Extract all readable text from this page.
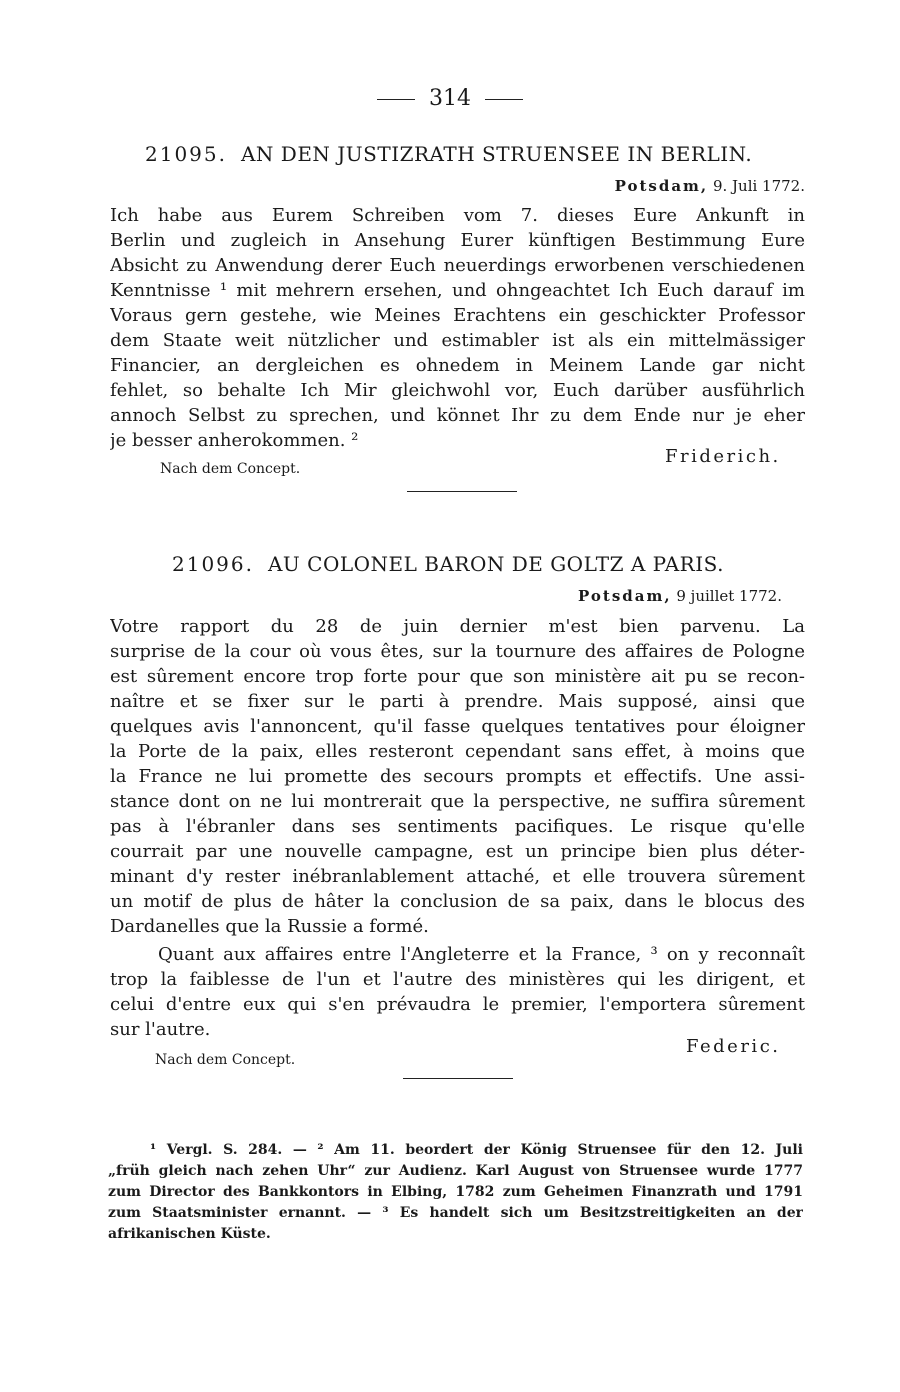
314
21095. AN DEN JUSTIZRATH STRUENSEE IN BERLIN.
Potsdam, 9. Juli 1772.
Ich habe aus Eurem Schreiben vom 7. dieses Eure Ankunft in
Berlin und zugleich in Ansehung Eurer künftigen Bestimmung Eure
Absicht zu Anwendung derer Euch neuerdings erworbenen verschiedenen
Kenntnisse ¹ mit mehrern ersehen, und ohngeachtet Ich Euch darauf im
Voraus gern gestehe, wie Meines Erachtens ein geschickter Professor
dem Staate weit nützlicher und estimabler ist als ein mittelmässiger
Financier, an dergleichen es ohnedem in Meinem Lande gar nicht
fehlet, so behalte Ich Mir gleichwohl vor, Euch darüber ausführlich
annoch Selbst zu sprechen, und könnet Ihr zu dem Ende nur je eher
je besser anherokommen. ²
Friderich.
Nach dem Concept.
21096. AU COLONEL BARON DE GOLTZ A PARIS.
Potsdam, 9 juillet 1772.
Votre rapport du 28 de juin dernier m'est bien parvenu. La
surprise de la cour où vous êtes, sur la tournure des affaires de Pologne
est sûrement encore trop forte pour que son ministère ait pu se recon-
naître et se fixer sur le parti à prendre. Mais supposé, ainsi que
quelques avis l'annoncent, qu'il fasse quelques tentatives pour éloigner
la Porte de la paix, elles resteront cependant sans effet, à moins que
la France ne lui promette des secours prompts et effectifs. Une assi-
stance dont on ne lui montrerait que la perspective, ne suffira sûrement
pas à l'ébranler dans ses sentiments pacifiques. Le risque qu'elle
courrait par une nouvelle campagne, est un principe bien plus déter-
minant d'y rester inébranlablement attaché, et elle trouvera sûrement
un motif de plus de hâter la conclusion de sa paix, dans le blocus des
Dardanelles que la Russie a formé.
Quant aux affaires entre l'Angleterre et la France, ³ on y reconnaît
trop la faiblesse de l'un et l'autre des ministères qui les dirigent, et
celui d'entre eux qui s'en prévaudra le premier, l'emportera sûrement
sur l'autre.
Federic.
Nach dem Concept.
¹ Vergl. S. 284. — ² Am 11. beordert der König Struensee für den 12. Juli
„früh gleich nach zehen Uhr“ zur Audienz. Karl August von Struensee wurde 1777
zum Director des Bankkontors in Elbing, 1782 zum Geheimen Finanzrath und 1791
zum Staatsminister ernannt. — ³ Es handelt sich um Besitzstreitigkeiten an der
afrikanischen Küste.
